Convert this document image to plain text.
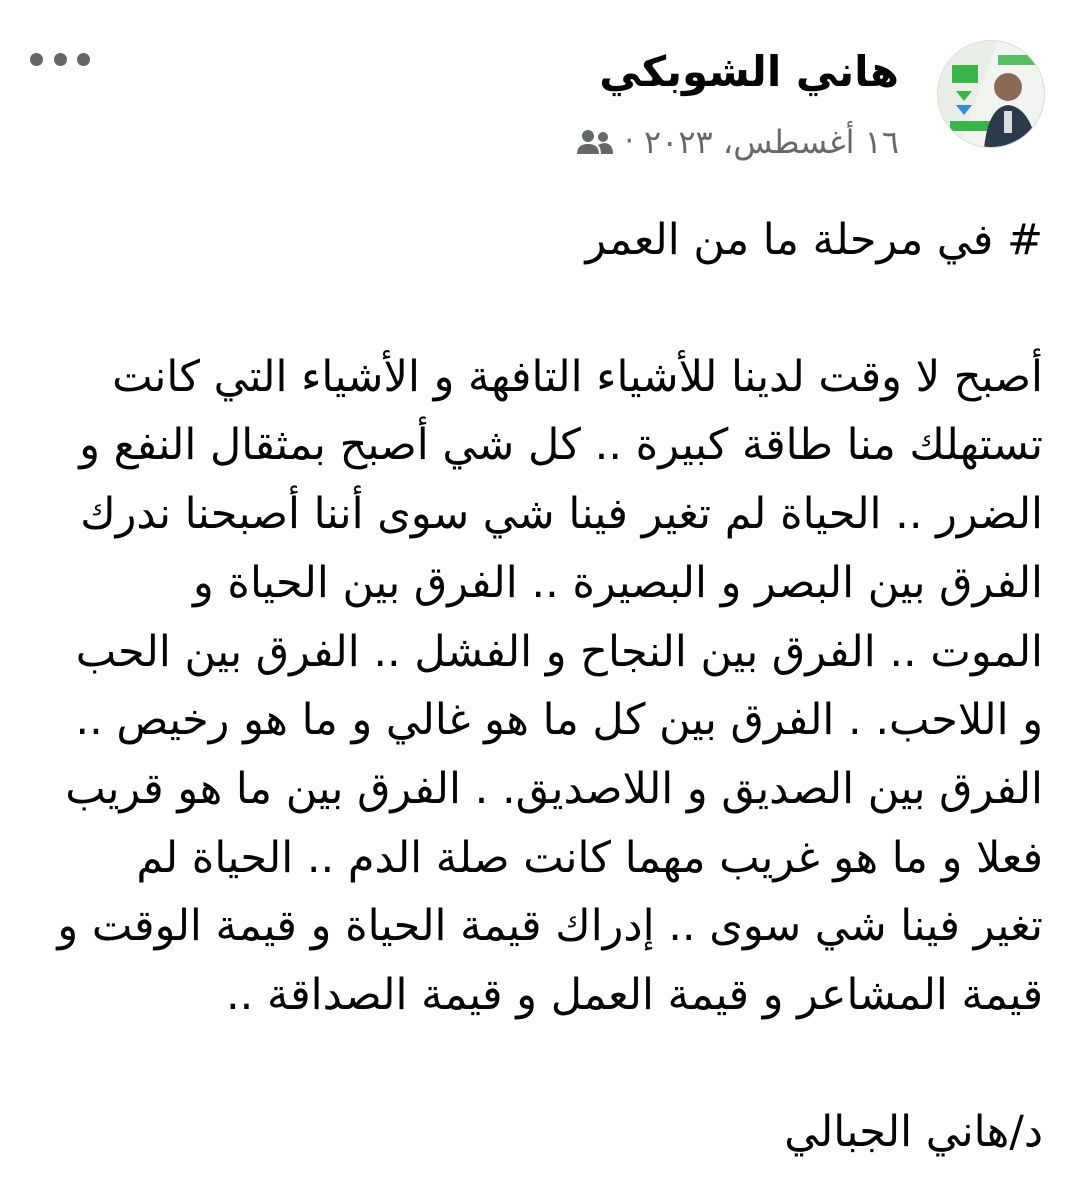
هاني الشوبكي
١٦ أغسطس، ٢٠٢٣
·
# في مرحلة ما من العمر
أصبح لا وقت لدينا للأشياء التافهة و الأشياء التي كانت
تستهلك منا طاقة كبيرة .. كل شي أصبح بمثقال النفع و
الضرر .. الحياة لم تغير فينا شي سوى أننا أصبحنا ندرك
الفرق بين البصر و البصيرة .. الفرق بين الحياة و
الموت .. الفرق بين النجاح و الفشل .. الفرق بين الحب
و اللاحب. . الفرق بين كل ما هو غالي و ما هو رخيص ..
الفرق بين الصديق و اللاصديق. . الفرق بين ما هو قريب
فعلا و ما هو غريب مهما كانت صلة الدم .. الحياة لم
تغير فينا شي سوى .. إدراك قيمة الحياة و قيمة الوقت و
قيمة المشاعر و قيمة العمل و قيمة الصداقة ..
د/هاني الجبالي
